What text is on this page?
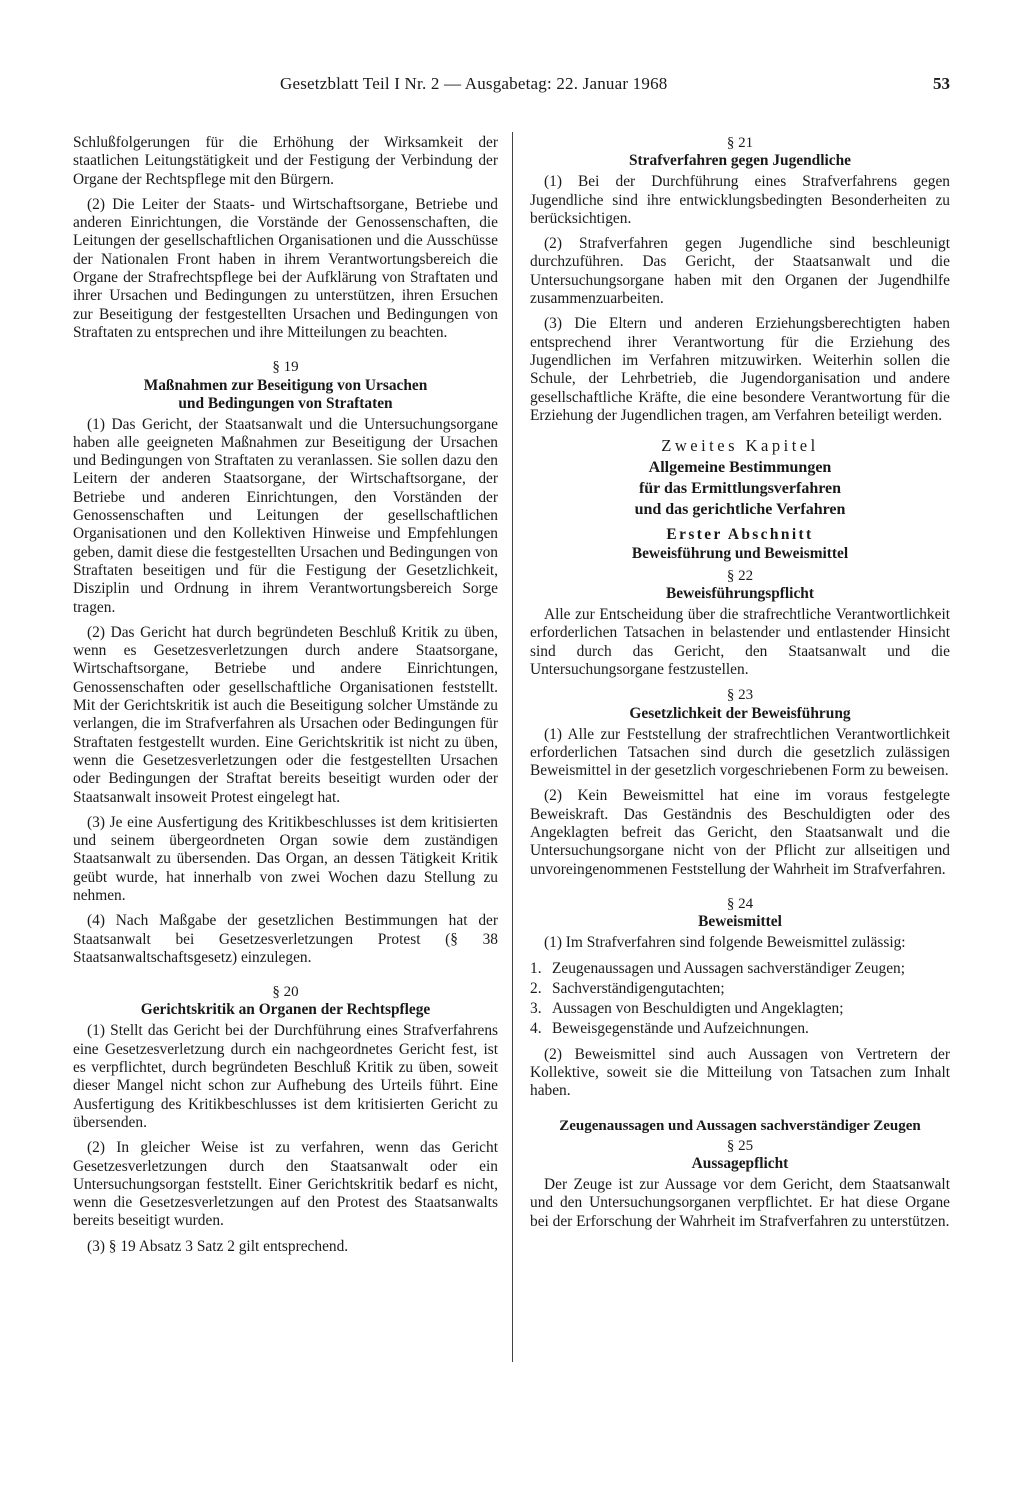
Gesetzblatt Teil I Nr. 2 — Ausgabetag: 22. Januar 1968	53

Schlußfolgerungen für die Erhöhung der Wirksamkeit der staatlichen Leitungstätigkeit und der Festigung der Verbindung der Organe der Rechtspflege mit den Bürgern.

(2) Die Leiter der Staats- und Wirtschaftsorgane, Betriebe und anderen Einrichtungen, die Vorstände der Genossenschaften, die Leitungen der gesellschaftlichen Organisationen und die Ausschüsse der Nationalen Front haben in ihrem Verantwortungsbereich die Organe der Strafrechtspflege bei der Aufklärung von Straftaten und ihrer Ursachen und Bedingungen zu unterstützen, ihren Ersuchen zur Beseitigung der festgestellten Ursachen und Bedingungen von Straftaten zu entsprechen und ihre Mitteilungen zu beachten.

§ 19
Maßnahmen zur Beseitigung von Ursachen
und Bedingungen von Straftaten

(1) Das Gericht, der Staatsanwalt und die Untersuchungsorgane haben alle geeigneten Maßnahmen zur Beseitigung der Ursachen und Bedingungen von Straftaten zu veranlassen. Sie sollen dazu den Leitern der anderen Staatsorgane, der Wirtschaftsorgane, der Betriebe und anderen Einrichtungen, den Vorständen der Genossenschaften und Leitungen der gesellschaftlichen Organisationen und den Kollektiven Hinweise und Empfehlungen geben, damit diese die festgestellten Ursachen und Bedingungen von Straftaten beseitigen und für die Festigung der Gesetzlichkeit, Disziplin und Ordnung in ihrem Verantwortungsbereich Sorge tragen.

(2) Das Gericht hat durch begründeten Beschluß Kritik zu üben, wenn es Gesetzesverletzungen durch andere Staatsorgane, Wirtschaftsorgane, Betriebe und andere Einrichtungen, Genossenschaften oder gesellschaftliche Organisationen feststellt. Mit der Gerichtskritik ist auch die Beseitigung solcher Umstände zu verlangen, die im Strafverfahren als Ursachen oder Bedingungen für Straftaten festgestellt wurden. Eine Gerichtskritik ist nicht zu üben, wenn die Gesetzesverletzungen oder die festgestellten Ursachen oder Bedingungen der Straftat bereits beseitigt wurden oder der Staatsanwalt insoweit Protest eingelegt hat.

(3) Je eine Ausfertigung des Kritikbeschlusses ist dem kritisierten und seinem übergeordneten Organ sowie dem zuständigen Staatsanwalt zu übersenden. Das Organ, an dessen Tätigkeit Kritik geübt wurde, hat innerhalb von zwei Wochen dazu Stellung zu nehmen.

(4) Nach Maßgabe der gesetzlichen Bestimmungen hat der Staatsanwalt bei Gesetzesverletzungen Protest (§ 38 Staatsanwaltschaftsgesetz) einzulegen.

§ 20
Gerichtskritik an Organen der Rechtspflege

(1) Stellt das Gericht bei der Durchführung eines Strafverfahrens eine Gesetzesverletzung durch ein nachgeordnetes Gericht fest, ist es verpflichtet, durch begründeten Beschluß Kritik zu üben, soweit dieser Mangel nicht schon zur Aufhebung des Urteils führt. Eine Ausfertigung des Kritikbeschlusses ist dem kritisierten Gericht zu übersenden.

(2) In gleicher Weise ist zu verfahren, wenn das Gericht Gesetzesverletzungen durch den Staatsanwalt oder ein Untersuchungsorgan feststellt. Einer Gerichtskritik bedarf es nicht, wenn die Gesetzesverletzungen auf den Protest des Staatsanwalts bereits beseitigt wurden.

(3) § 19 Absatz 3 Satz 2 gilt entsprechend.

§ 21
Strafverfahren gegen Jugendliche

(1) Bei der Durchführung eines Strafverfahrens gegen Jugendliche sind ihre entwicklungsbedingten Besonderheiten zu berücksichtigen.

(2) Strafverfahren gegen Jugendliche sind beschleunigt durchzuführen. Das Gericht, der Staatsanwalt und die Untersuchungsorgane haben mit den Organen der Jugendhilfe zusammenzuarbeiten.

(3) Die Eltern und anderen Erziehungsberechtigten haben entsprechend ihrer Verantwortung für die Erziehung des Jugendlichen im Verfahren mitzuwirken. Weiterhin sollen die Schule, der Lehrbetrieb, die Jugendorganisation und andere gesellschaftliche Kräfte, die eine besondere Verantwortung für die Erziehung der Jugendlichen tragen, am Verfahren beteiligt werden.

Zweites Kapitel
Allgemeine Bestimmungen
für das Ermittlungsverfahren
und das gerichtliche Verfahren
Erster Abschnitt
Beweisführung und Beweismittel
§ 22
Beweisführungspflicht

Alle zur Entscheidung über die strafrechtliche Verantwortlichkeit erforderlichen Tatsachen in belastender und entlastender Hinsicht sind durch das Gericht, den Staatsanwalt und die Untersuchungsorgane festzustellen.

§ 23
Gesetzlichkeit der Beweisführung

(1) Alle zur Feststellung der strafrechtlichen Verantwortlichkeit erforderlichen Tatsachen sind durch die gesetzlich zulässigen Beweismittel in der gesetzlich vorgeschriebenen Form zu beweisen.

(2) Kein Beweismittel hat eine im voraus festgelegte Beweiskraft. Das Geständnis des Beschuldigten oder des Angeklagten befreit das Gericht, den Staatsanwalt und die Untersuchungsorgane nicht von der Pflicht zur allseitigen und unvoreingenommenen Feststellung der Wahrheit im Strafverfahren.

§ 24
Beweismittel

(1) Im Strafverfahren sind folgende Beweismittel zulässig:

1. Zeugenaussagen und Aussagen sachverständiger Zeugen;
2. Sachverständigengutachten;
3. Aussagen von Beschuldigten und Angeklagten;
4. Beweisgegenstände und Aufzeichnungen.

(2) Beweismittel sind auch Aussagen von Vertretern der Kollektive, soweit sie die Mitteilung von Tatsachen zum Inhalt haben.

Zeugenaussagen und Aussagen sachverständiger Zeugen
§ 25
Aussagepflicht

Der Zeuge ist zur Aussage vor dem Gericht, dem Staatsanwalt und den Untersuchungsorganen verpflichtet. Er hat diese Organe bei der Erforschung der Wahrheit im Strafverfahren zu unterstützen.
